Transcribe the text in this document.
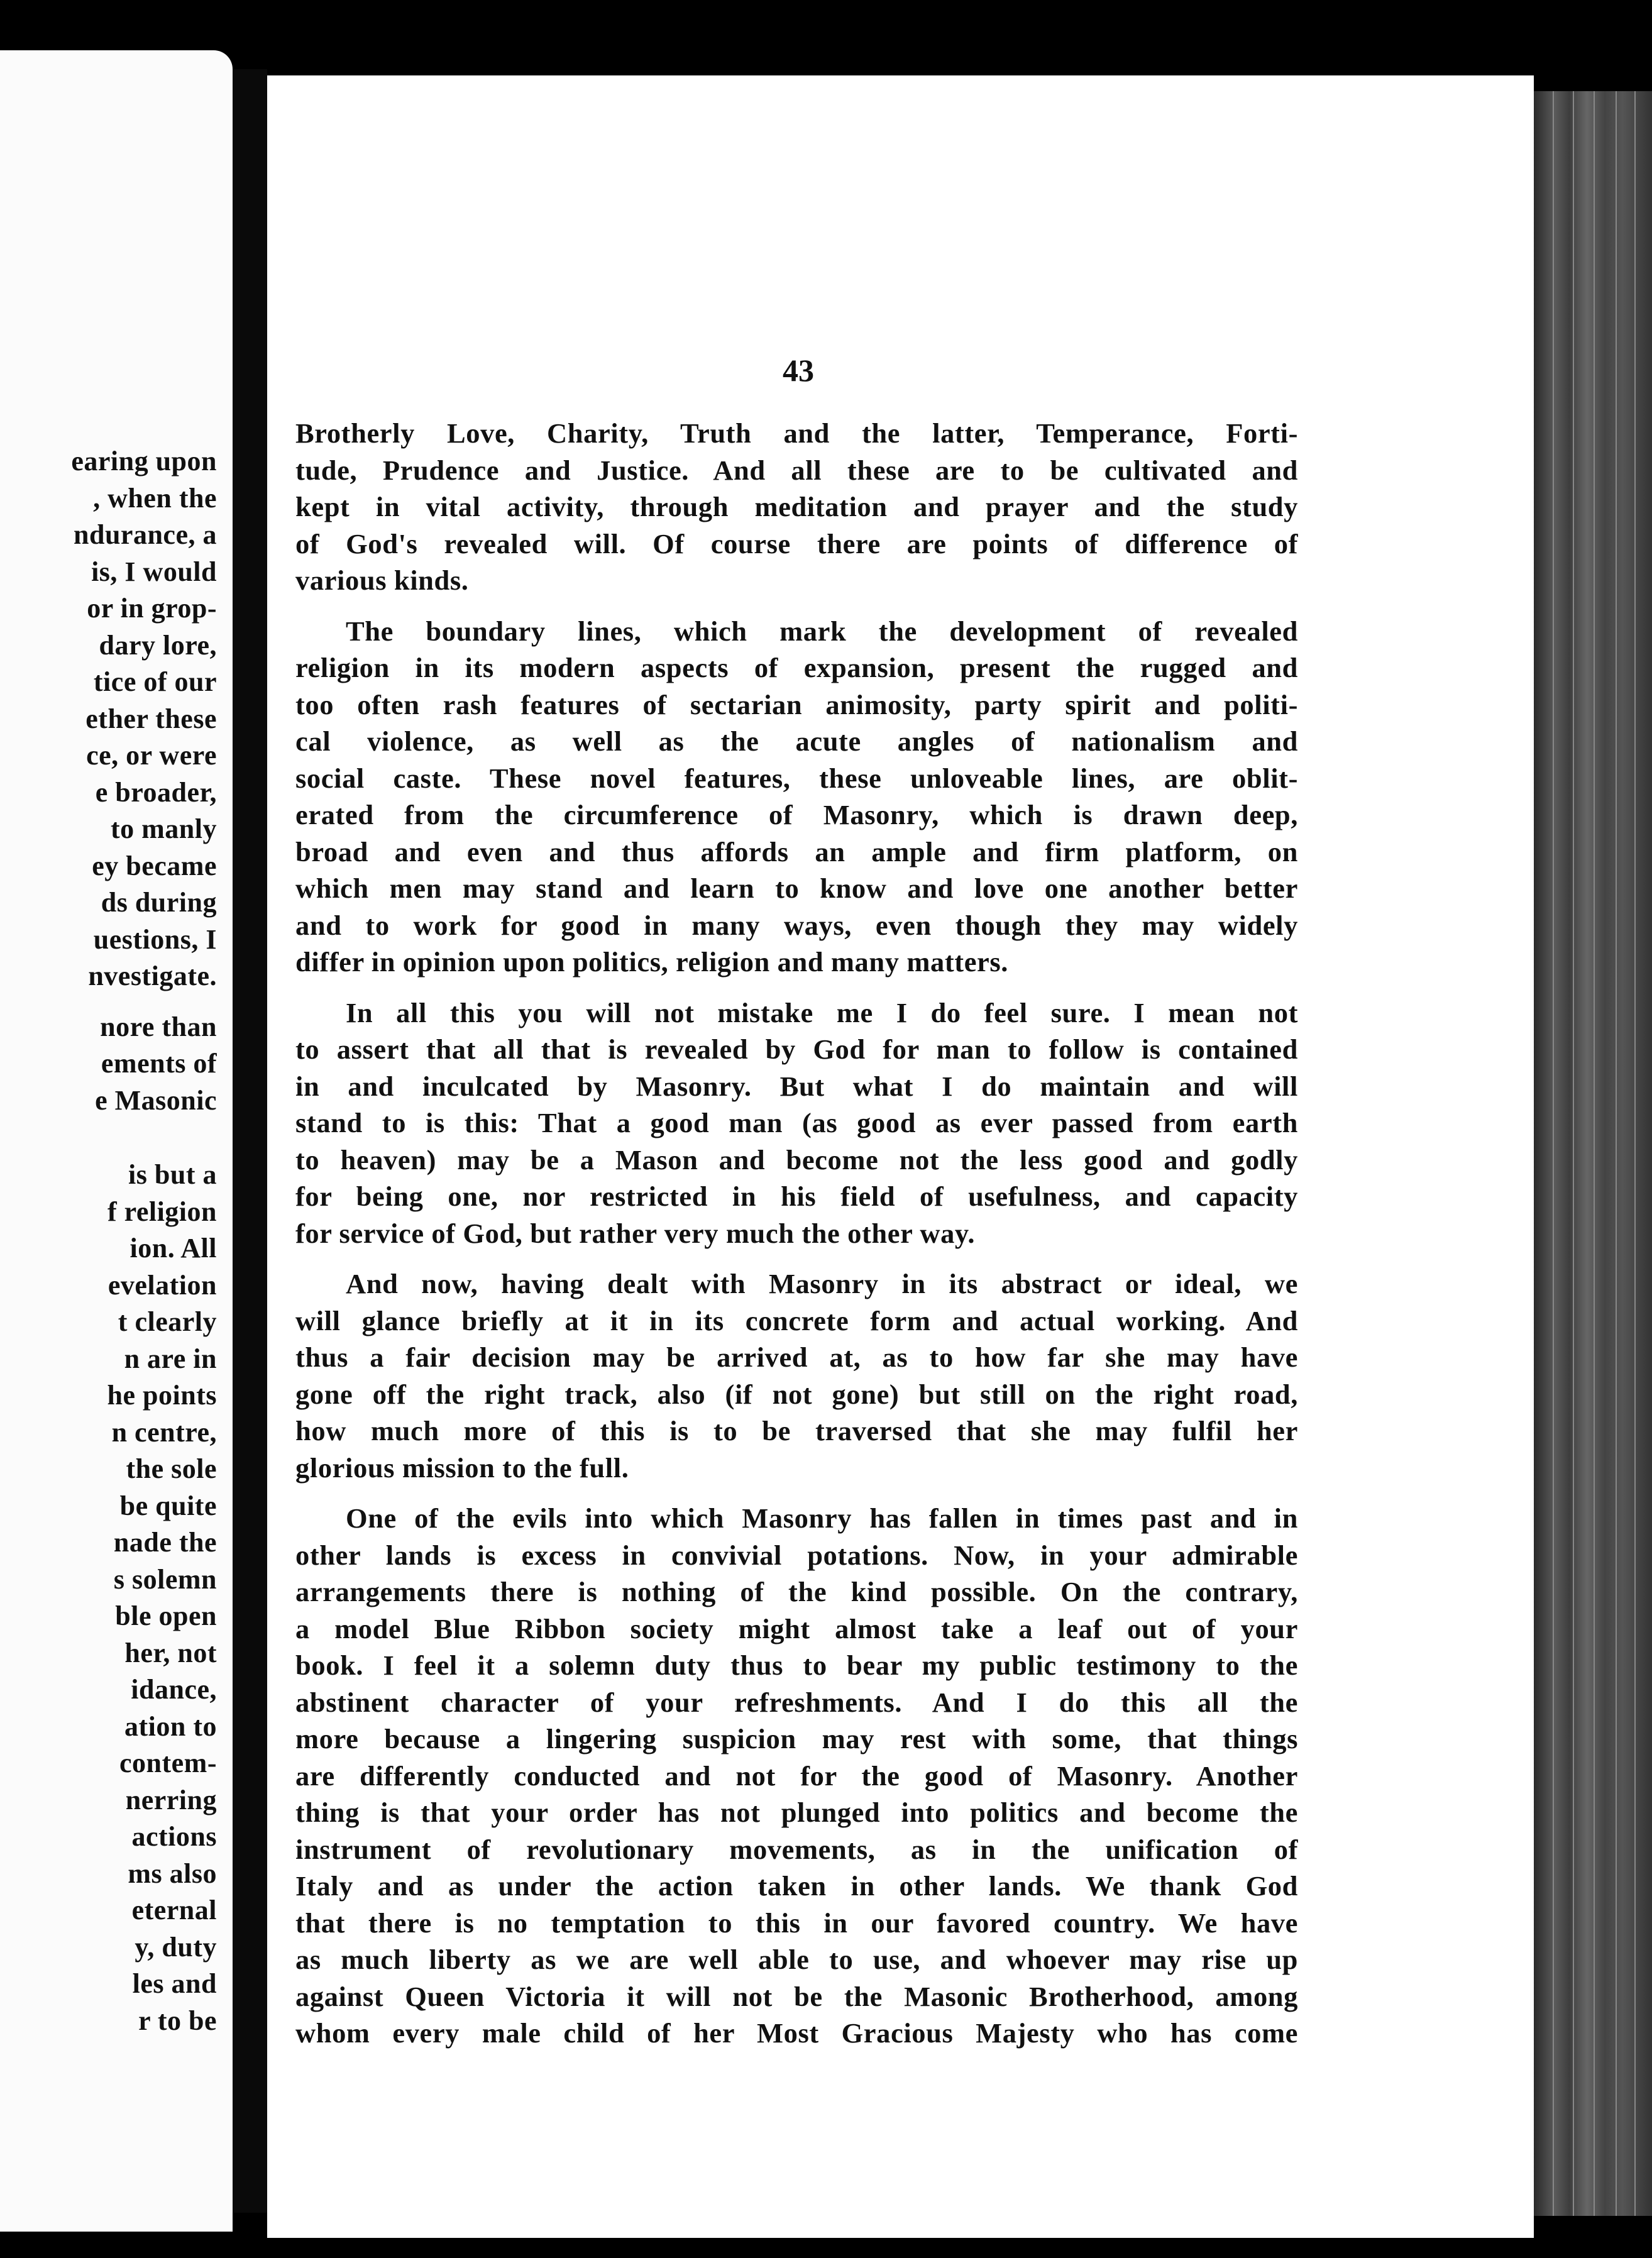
earing upon
, when the
ndurance, a
is, I would
or in grop-
dary lore,
tice of our
ether these
ce, or were
e broader,
to manly
ey became
ds during
uestions, I
nvestigate.
nore than
ements of
e Masonic
is but a
f religion
ion. All
evelation
t clearly
n are in
he points
n centre,
the sole
be quite
nade the
s solemn
ble open
her, not
idance,
ation to
contem-
nerring
actions
ms also
eternal
y, duty
les and
r to be
43
Brotherly Love, Charity, Truth and the latter, Temperance, Forti-
tude, Prudence and Justice. And all these are to be cultivated and
kept in vital activity, through meditation and prayer and the study
of God's revealed will. Of course there are points of difference of
various kinds.
The boundary lines, which mark the development of revealed
religion in its modern aspects of expansion, present the rugged and
too often rash features of sectarian animosity, party spirit and politi-
cal violence, as well as the acute angles of nationalism and
social caste. These novel features, these unloveable lines, are oblit-
erated from the circumference of Masonry, which is drawn deep,
broad and even and thus affords an ample and firm platform, on
which men may stand and learn to know and love one another better
and to work for good in many ways, even though they may widely
differ in opinion upon politics, religion and many matters.
In all this you will not mistake me I do feel sure. I mean not
to assert that all that is revealed by God for man to follow is contained
in and inculcated by Masonry. But what I do maintain and will
stand to is this: That a good man (as good as ever passed from earth
to heaven) may be a Mason and become not the less good and godly
for being one, nor restricted in his field of usefulness, and capacity
for service of God, but rather very much the other way.
And now, having dealt with Masonry in its abstract or ideal, we
will glance briefly at it in its concrete form and actual working. And
thus a fair decision may be arrived at, as to how far she may have
gone off the right track, also (if not gone) but still on the right road,
how much more of this is to be traversed that she may fulfil her
glorious mission to the full.
One of the evils into which Masonry has fallen in times past and in
other lands is excess in convivial potations. Now, in your admirable
arrangements there is nothing of the kind possible. On the contrary,
a model Blue Ribbon society might almost take a leaf out of your
book. I feel it a solemn duty thus to bear my public testimony to the
abstinent character of your refreshments. And I do this all the
more because a lingering suspicion may rest with some, that things
are differently conducted and not for the good of Masonry. Another
thing is that your order has not plunged into politics and become the
instrument of revolutionary movements, as in the unification of
Italy and as under the action taken in other lands. We thank God
that there is no temptation to this in our favored country. We have
as much liberty as we are well able to use, and whoever may rise up
against Queen Victoria it will not be the Masonic Brotherhood, among
whom every male child of her Most Gracious Majesty who has come
